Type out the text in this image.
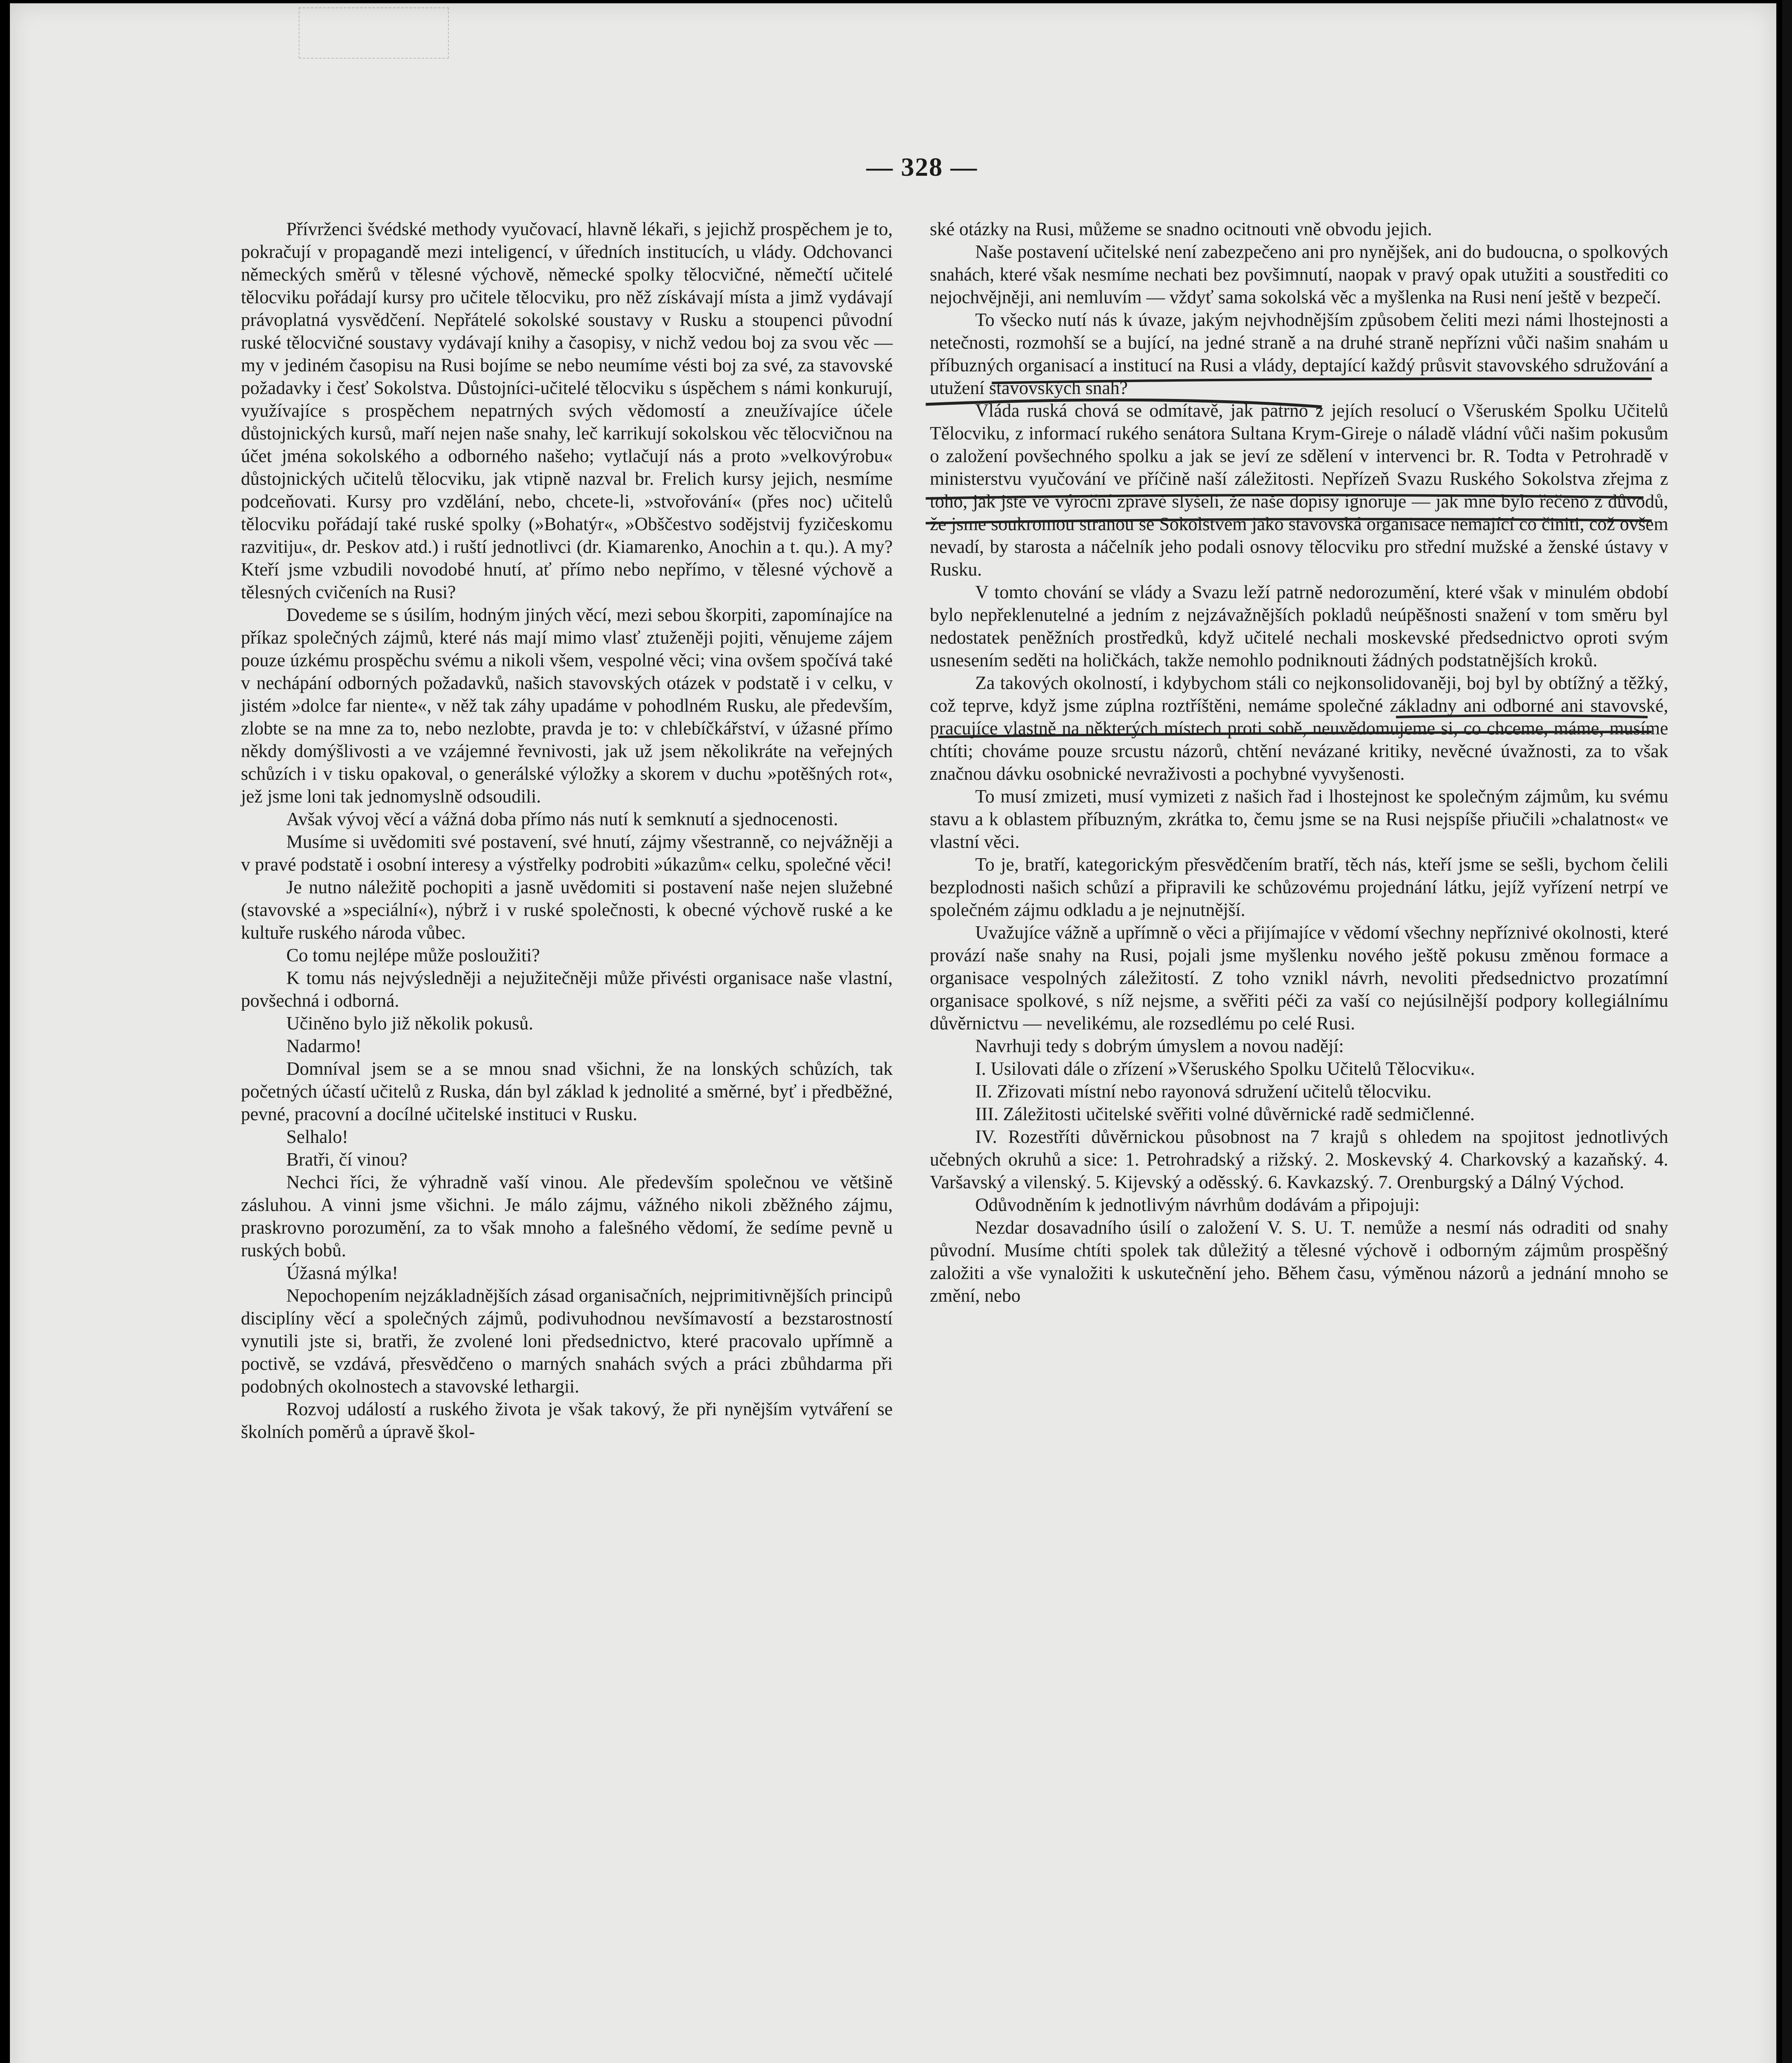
— 328 —

Přívrženci švédské methody vyučovací, hlavně lékaři, s jejichž prospěchem je to, pokračují v propagandě mezi inteligencí, v úředních institucích, u vlády. Odchovanci německých směrů v tělesné výchově, německé spolky tělocvičné, němečtí učitelé tělocviku pořádají kursy pro učitele tělocviku, pro něž získávají místa a jimž vydávají právoplatná vysvědčení. Nepřátelé sokolské soustavy v Rusku a stoupenci původní ruské tělocvičné soustavy vydávají knihy a časopisy, v nichž vedou boj za svou věc — my v jediném časopisu na Rusi bojíme se nebo neumíme vésti boj za své, za stavovské požadavky i česť Sokolstva. Důstojníci-učitelé tělocviku s úspěchem s námi konkurují, využívajíce s prospěchem nepatrných svých vědomostí a zneužívajíce účele důstojnických kursů, maří nejen naše snahy, leč karrikují sokolskou věc tělocvičnou na účet jména sokolského a odborného našeho; vytlačují nás a proto »velkovýrobu« důstojnických učitelů tělocviku, jak vtipně nazval br. Frelich kursy jejich, nesmíme podceňovati. Kursy pro vzdělání, nebo, chcete-li, »stvořování« (přes noc) učitelů tělocviku pořádají také ruské spolky (»Bohatýr«, »Obščestvo sodějstvij fyzičeskomu razvitiju«, dr. Peskov atd.) i ruští jednotlivci (dr. Kiamarenko, Anochin a t. qu.). A my? Kteří jsme vzbudili novodobé hnutí, ať přímo nebo nepřímo, v tělesné výchově a tělesných cvičeních na Rusi?

Dovedeme se s úsilím, hodným jiných věcí, mezi sebou škorpiti, zapomínajíce na příkaz společných zájmů, které nás mají mimo vlasť ztuženěji pojiti, věnujeme zájem pouze úzkému prospěchu svému a nikoli všem, vespolné věci; vina ovšem spočívá také v nechápání odborných požadavků, našich stavovských otázek v podstatě i v celku, v jistém »dolce far niente«, v něž tak záhy upadáme v pohodlném Rusku, ale především, zlobte se na mne za to, nebo nezlobte, pravda je to: v chlebíčkářství, v úžasné přímo někdy domýšlivosti a ve vzájemné řevnivosti, jak už jsem několikráte na veřejných schůzích i v tisku opakoval, o generálské výložky a skorem v duchu »potěšných rot«, jež jsme loni tak jednomyslně odsoudili.

Avšak vývoj věcí a vážná doba přímo nás nutí k semknutí a sjednocenosti.

Musíme si uvědomiti své postavení, své hnutí, zájmy všestranně, co nejvážněji a v pravé podstatě i osobní interesy a výstřelky podrobiti »úkazům« celku, společné věci!

Je nutno náležitě pochopiti a jasně uvědomiti si postavení naše nejen služebné (stavovské a »speciální«), nýbrž i v ruské společnosti, k obecné výchově ruské a ke kultuře ruského národa vůbec.

Co tomu nejlépe může posloužiti?

K tomu nás nejvýsledněji a nejužitečněji může přivésti organisace naše vlastní, povšechná i odborná.

Učiněno bylo již několik pokusů.

Nadarmo!

Domníval jsem se a se mnou snad všichni, že na lonských schůzích, tak početných účastí učitelů z Ruska, dán byl základ k jednolité a směrné, byť i předběžné, pevné, pracovní a docílné učitelské instituci v Rusku.

Selhalo!

Bratři, čí vinou?

Nechci říci, že výhradně vaší vinou. Ale především společnou ve většině zásluhou. A vinni jsme všichni. Je málo zájmu, vážného nikoli zběžného zájmu, praskrovno porozumění, za to však mnoho a falešného vědomí, že sedíme pevně u ruských bobů.

Úžasná mýlka!

Nepochopením nejzákladnějších zásad organisačních, nejprimitivnějších principů disciplíny věcí a společných zájmů, podivuhodnou nevšímavostí a bezstarostností vynutili jste si, bratři, že zvolené loni předsednictvo, které pracovalo upřímně a poctivě, se vzdává, přesvědčeno o marných snahách svých a práci zbůhdarma při podobných okolnostech a stavovské lethargii.

Rozvoj událostí a ruského života je však takový, že při nynějším vytváření se školních poměrů a úpravě škol-

ské otázky na Rusi, můžeme se snadno ocitnouti vně obvodu jejich.

Naše postavení učitelské není zabezpečeno ani pro nynějšek, ani do budoucna, o spolkových snahách, které však nesmíme nechati bez povšimnutí, naopak v pravý opak utužiti a soustřediti co nejochvějněji, ani nemluvím — vždyť sama sokolská věc a myšlenka na Rusi není ještě v bezpečí.

To všecko nutí nás k úvaze, jakým nejvhodnějším způsobem čeliti mezi námi lhostejnosti a netečnosti, rozmohší se a bující, na jedné straně a na druhé straně nepřízni vůči našim snahám u příbuzných organisací a institucí na Rusi a vlády, deptající každý průsvit stavovského sdružování a utužení stavovských snah?

Vláda ruská chová se odmítavě, jak patrno z jejích resolucí o Všeruském Spolku Učitelů Tělocviku, z informací rukého senátora Sultana Krym-Gireje o náladě vládní vůči našim pokusům o založení povšechného spolku a jak se jeví ze sdělení v intervenci br. R. Todta v Petrohradě v ministerstvu vyučování ve příčině naší záležitosti. Nepřízeň Svazu Ruského Sokolstva zřejma z toho, jak jste ve výroční zprávě slyšeli, že naše dopisy ignoruje — jak mně bylo řečeno z důvodů, že jsme soukromou stranou se Sokolstvem jako stavovská organisace nemající co činiti, což ovšem nevadí, by starosta a náčelník jeho podali osnovy tělocviku pro střední mužské a ženské ústavy v Rusku.

V tomto chování se vlády a Svazu leží patrně nedorozumění, které však v minulém období bylo nepřeklenutelné a jedním z nejzávažnějších pokladů neúpěšnosti snažení v tom směru byl nedostatek peněžních prostředků, když učitelé nechali moskevské předsednictvo oproti svým usnesením seděti na holičkách, takže nemohlo podniknouti žádných podstatnějších kroků.

Za takových okolností, i kdybychom stáli co nejkonsolidovaněji, boj byl by obtížný a těžký, což teprve, když jsme zúplna roztříštěni, nemáme společné základny ani odborné ani stavovské, pracujíce vlastně na některých místech proti sobě, neuvědomujeme si, co chceme, máme, musíme chtíti; chováme pouze srcustu názorů, chtění nevázané kritiky, nevěcné úvažnosti, za to však značnou dávku osobnické nevraživosti a pochybné vyvyšenosti.

To musí zmizeti, musí vymizeti z našich řad i lhostejnost ke společným zájmům, ku svému stavu a k oblastem příbuzným, zkrátka to, čemu jsme se na Rusi nejspíše přiučili »chalatnost« ve vlastní věci.

To je, bratří, kategorickým přesvědčením bratří, těch nás, kteří jsme se sešli, bychom čelili bezplodnosti našich schůzí a připravili ke schůzovému projednání látku, jejíž vyřízení netrpí ve společném zájmu odkladu a je nejnutnější.

Uvažujíce vážně a upřímně o věci a přijímajíce v vědomí všechny nepříznivé okolnosti, které provází naše snahy na Rusi, pojali jsme myšlenku nového ještě pokusu změnou formace a organisace vespolných záležitostí. Z toho vznikl návrh, nevoliti předsednictvo prozatímní organisace spolkové, s níž nejsme, a svěřiti péči za vaší co nejúsilnější podpory kollegiálnímu důvěrnictvu — nevelikému, ale rozsedlému po celé Rusi.

Navrhuji tedy s dobrým úmyslem a novou nadějí:

I. Usilovati dále o zřízení »Všeruského Spolku Učitelů Tělocviku«.

II. Zřizovati místní nebo rayonová sdružení učitelů tělocviku.

III. Záležitosti učitelské svěřiti volné důvěrnické radě sedmičlenné.

IV. Rozestříti důvěrnickou působnost na 7 krajů s ohledem na spojitost jednotlivých učebných okruhů a sice: 1. Petrohradský a rižský. 2. Moskevský 4. Charkovský a kazaňský. 4. Varšavský a vilenský. 5. Kijevský a oděsský. 6. Kavkazský. 7. Orenburgský a Dálný Východ.

Odůvodněním k jednotlivým návrhům dodávám a připojuji:

Nezdar dosavadního úsilí o založení V. S. U. T. nemůže a nesmí nás odraditi od snahy původní. Musíme chtíti spolek tak důležitý a tělesné výchově i odborným zájmům prospěšný založiti a vše vynaložiti k uskutečnění jeho. Během času, výměnou názorů a jednání mnoho se změní, nebo
